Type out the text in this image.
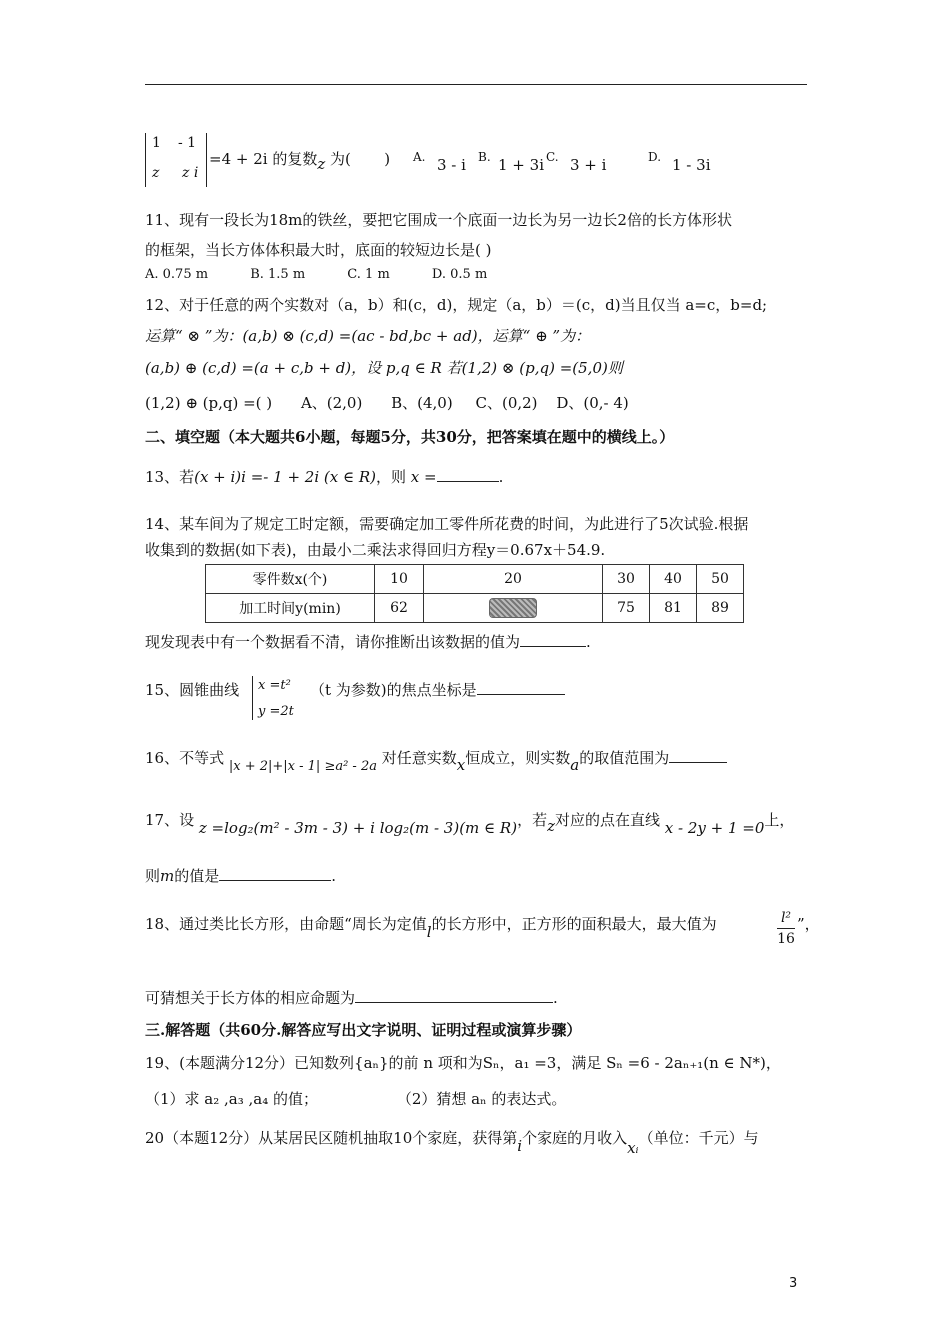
1 - 1
z z i
=4 + 2i 的复数z 为( ) A. 3 - i B. 1 + 3i C. 3 + i	D. 1 - 3i
11、现有一段长为18m的铁丝，要把它围成一个底面一边长为另一边长2倍的长方体形状
的框架，当长方体体积最大时，底面的较短边长是( )
A. 0.75 m	B. 1.5 m	C. 1 m	D. 0.5 m
12、对于任意的两个实数对（a，b）和(c，d)，规定（a，b）＝(c，d)当且仅当 a=c，b=d;
运算“ ⊗ ”为：(a,b) ⊗ (c,d) =(ac - bd,bc + ad)，运算“ ⊕ ”为：
(a,b) ⊕ (c,d) =(a + c,b + d)，设 p,q ∈ R 若(1,2) ⊗ (p,q) =(5,0)则
(1,2) ⊕ (p,q) =( ) A、(2,0) B、(4,0) C、(0,2) D、(0,- 4)
二、填空题（本大题共6小题，每题5分，共30分，把答案填在题中的横线上。）
13、若(x + i)i =- 1 + 2i (x ∈ R)，则 x =	.
14、某车间为了规定工时定额，需要确定加工零件所花费的时间，为此进行了5次试验.根据
收集到的数据(如下表)，由最小二乘法求得回归方程y＝0.67x＋54.9.
零件数x(个)	10	20	30	40	50
加工时间y(min)	62		75	81	89
现发现表中有一个数据看不清，请你推断出该数据的值为	.
15、圆锥曲线 x =t²
y =2t
（t 为参数)的焦点坐标是
16、不等式 |x + 2|+|x - 1| ≥a² - 2a 对任意实数x恒成立，则实数a的取值范围为
17、设 z =log₂(m² - 3m - 3) + i log₂(m - 3)(m ∈ R)，若z对应的点在直线 x - 2y + 1 =0上，
则m的值是	.
18、通过类比长方形，由命题“周长为定值l的长方形中，正方形的面积最大，最大值为	l²
16
”，
可猜想关于长方体的相应命题为	.
三.解答题（共60分.解答应写出文字说明、证明过程或演算步骤）
19、(本题满分12分）已知数列{aₙ}的前 n 项和为Sₙ，a₁ =3，满足 Sₙ =6 - 2aₙ₊₁(n ∈ N*)，
（1）求 a₂ ,a₃ ,a₄ 的值；	（2）猜想 aₙ 的表达式。
20（本题12分）从某居民区随机抽取10个家庭，获得第i个家庭的月收入xᵢ（单位：千元）与
3
